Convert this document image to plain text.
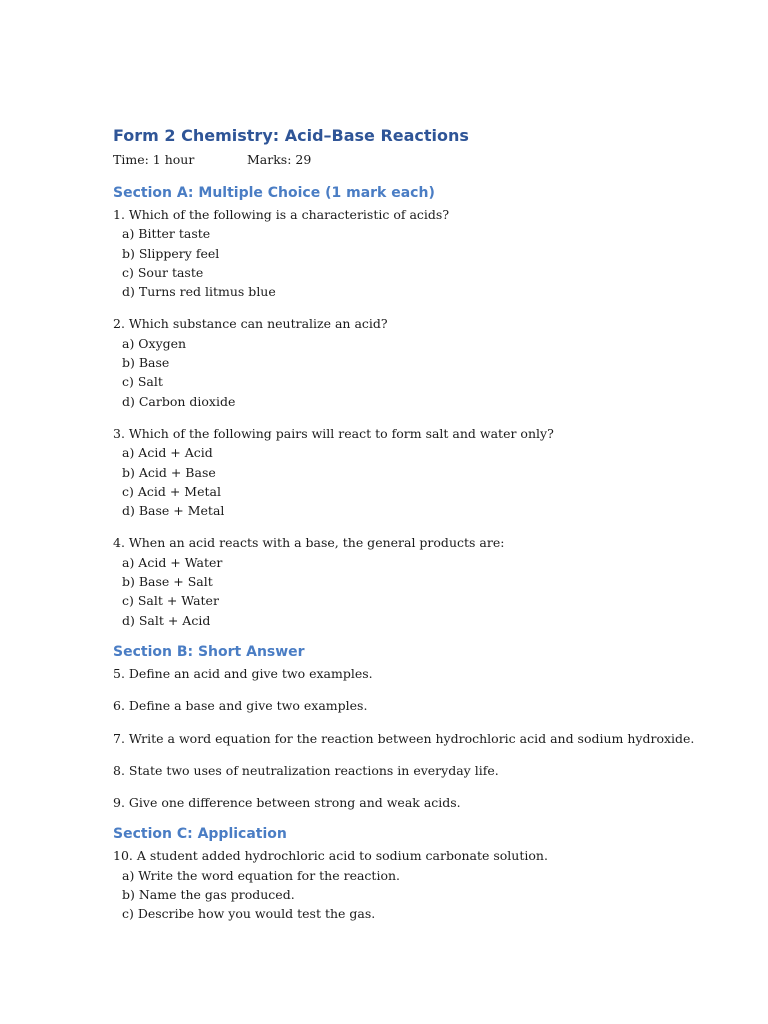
Form 2 Chemistry: Acid–Base Reactions
Time: 1 hour	Marks: 29
Section A: Multiple Choice (1 mark each)

1. Which of the following is a characteristic of acids?

a) Bitter taste
b) Slippery feel
c) Sour taste
d) Turns red litmus blue

2. Which substance can neutralize an acid?

a) Oxygen
b) Base
c) Salt
d) Carbon dioxide

3. Which of the following pairs will react to form salt and water only?

a) Acid + Acid
b) Acid + Base
c) Acid + Metal
d) Base + Metal

4. When an acid reacts with a base, the general products are:

a) Acid + Water
b) Base + Salt
c) Salt + Water
d) Salt + Acid
Section B: Short Answer

5. Define an acid and give two examples.

6. Define a base and give two examples.

7. Write a word equation for the reaction between hydrochloric acid and sodium hydroxide.

8. State two uses of neutralization reactions in everyday life.

9. Give one difference between strong and weak acids.

Section C: Application

10. A student added hydrochloric acid to sodium carbonate solution.

a) Write the word equation for the reaction.
b) Name the gas produced.
c) Describe how you would test the gas.
